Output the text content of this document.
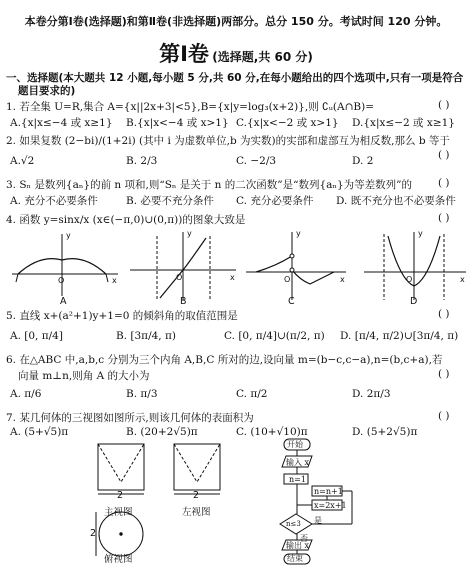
本卷分第Ⅰ卷(选择题)和第Ⅱ卷(非选择题)两部分。总分 150 分。考试时间 120 分钟。
第Ⅰ卷 (选择题,共 60 分)
一、选择题(本大题共 12 小题,每小题 5 分,共 60 分,在每小题给出的四个选项中,只有一项是符合
题目要求的)
1. 若全集 U=R,集合 A={x||2x+3|<5},B={x|y=log₃(x+2)},则 ∁ᵤ(A∩B)=	( )
A.{x|x≤−4 或 x≥1} B.{x|x<−4 或 x>1} C.{x|x<−2 或 x>1} D.{x|x≤−2 或 x≥1}
2. 如果复数 (2−bi)/(1+2i) (其中 i 为虚数单位,b 为实数)的实部和虚部互为相反数,那么 b 等于
( )
A.√2	B. 2/3	C. −2/3	D. 2
3. Sₙ 是数列{aₙ}的前 n 项和,则“Sₙ 是关于 n 的二次函数”是“数列{aₙ}为等差数列”的 ( )
A. 充分不必要条件	B. 必要不充分条件 C. 充分必要条件 D. 既不充分也不必要条件
4. 函数 y=sinx/x (x∈(−π,0)∪(0,π))的图象大致是	( )
O	x
y
O	x
y
O	x
y
O	x
y
A	B	C	D
5. 直线 x+(a²+1)y+1=0 的倾斜角的取值范围是	( )
A. [0, π/4]	B. [3π/4, π)	C. [0, π/4]∪(π/2, π) D. [π/4, π/2)∪[3π/4, π)
6. 在△ABC 中,a,b,c 分别为三个内角 A,B,C 所对的边,设向量 m=(b−c,c−a),n=(b,c+a),若
向量 m⊥n,则角 A 的大小为	( )
A. π/6	B. π/3	C. π/2	D. 2π/3
7. 某几何体的三视图如图所示,则该几何体的表面积为	( )
A. (5+√5)π	B. (20+2√5)π	C. (10+√10)π	D. (5+2√5)π
2	2
2
主视图	左视图
俯视图
开始
输入 x
n=1
n=n+1
x=2x+1
n≤3 是
否
输出 x
结束
